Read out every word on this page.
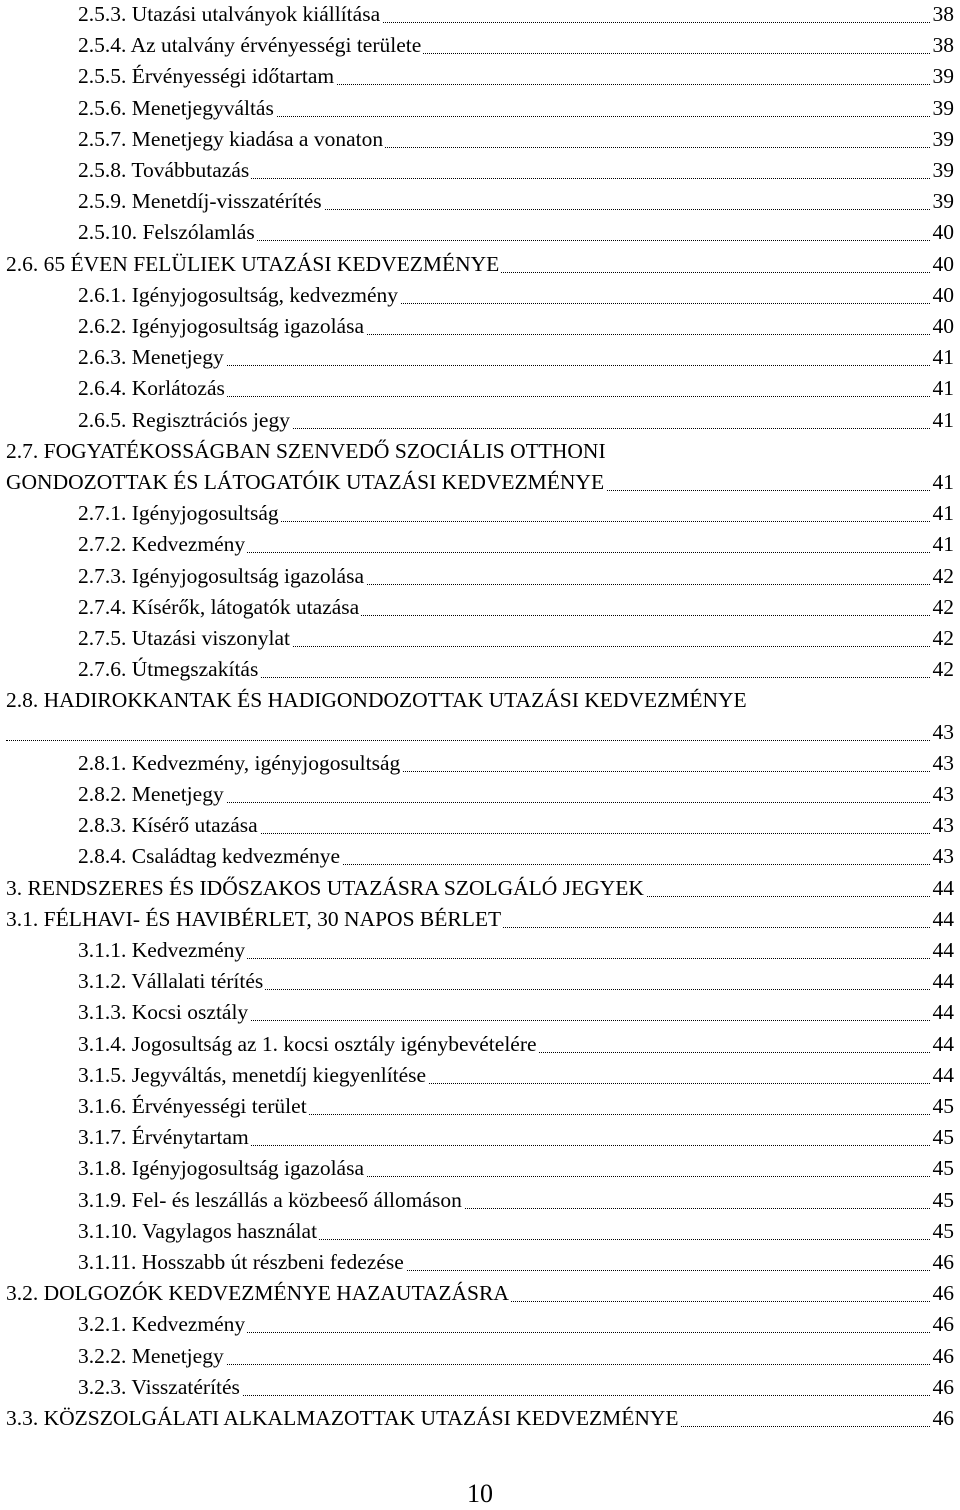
2.5.3. Utazási utalványok kiállítása	38
2.5.4. Az utalvány érvényességi területe	38
2.5.5. Érvényességi időtartam	39
2.5.6. Menetjegyváltás	39
2.5.7. Menetjegy kiadása a vonaton	39
2.5.8. Továbbutazás	39
2.5.9. Menetdíj-visszatérítés	39
2.5.10. Felszólamlás	40
2.6. 65 ÉVEN FELÜLIEK UTAZÁSI KEDVEZMÉNYE	40
2.6.1. Igényjogosultság, kedvezmény	40
2.6.2. Igényjogosultság igazolása	40
2.6.3. Menetjegy	41
2.6.4. Korlátozás	41
2.6.5. Regisztrációs jegy	41
2.7. FOGYATÉKOSSÁGBAN SZENVEDŐ SZOCIÁLIS OTTHONI
GONDOZOTTAK ÉS LÁTOGATÓIK UTAZÁSI KEDVEZMÉNYE	41
2.7.1. Igényjogosultság	41
2.7.2. Kedvezmény	41
2.7.3. Igényjogosultság igazolása	42
2.7.4. Kísérők, látogatók utazása	42
2.7.5. Utazási viszonylat	42
2.7.6. Útmegszakítás	42
2.8. HADIROKKANTAK ÉS HADIGONDOZOTTAK UTAZÁSI KEDVEZMÉNYE
43
2.8.1. Kedvezmény, igényjogosultság	43
2.8.2. Menetjegy	43
2.8.3. Kísérő utazása	43
2.8.4. Családtag kedvezménye	43
3. RENDSZERES ÉS IDŐSZAKOS UTAZÁSRA SZOLGÁLÓ JEGYEK	44
3.1. FÉLHAVI- ÉS HAVIBÉRLET, 30 NAPOS BÉRLET	44
3.1.1. Kedvezmény	44
3.1.2. Vállalati térítés	44
3.1.3. Kocsi osztály	44
3.1.4. Jogosultság az 1. kocsi osztály igénybevételére	44
3.1.5. Jegyváltás, menetdíj kiegyenlítése	44
3.1.6. Érvényességi terület	45
3.1.7. Érvénytartam	45
3.1.8. Igényjogosultság igazolása	45
3.1.9. Fel- és leszállás a közbeeső állomáson	45
3.1.10. Vagylagos használat	45
3.1.11. Hosszabb út részbeni fedezése	46
3.2. DOLGOZÓK KEDVEZMÉNYE HAZAUTAZÁSRA	46
3.2.1. Kedvezmény	46
3.2.2. Menetjegy	46
3.2.3. Visszatérítés	46
3.3. KÖZSZOLGÁLATI ALKALMAZOTTAK UTAZÁSI KEDVEZMÉNYE	46
10
